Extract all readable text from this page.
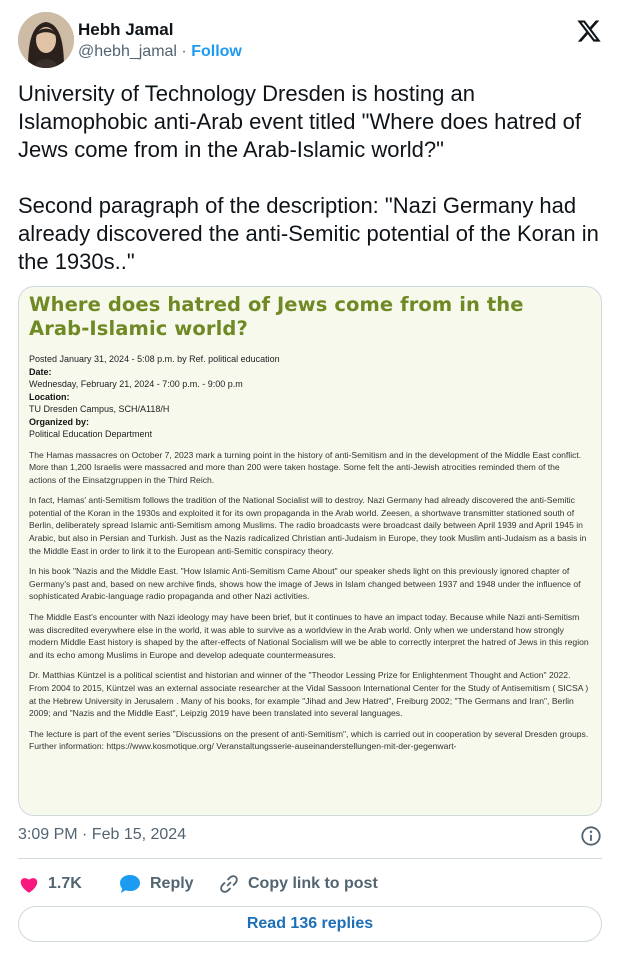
Hebh Jamal
@hebh_jamal · Follow

University of Technology Dresden is hosting an Islamophobic anti-Arab event titled "Where does hatred of Jews come from in the Arab-Islamic world?"

Second paragraph of the description: "Nazi Germany had already discovered the anti-Semitic potential of the Koran in the 1930s.."

Where does hatred of Jews come from in the Arab-Islamic world?
Posted January 31, 2024 - 5:08 p.m. by Ref. political education
Date:
Wednesday, February 21, 2024 - 7:00 p.m. - 9:00 p.m
Location:
TU Dresden Campus, SCH/A118/H
Organized by:
Political Education Department
The Hamas massacres on October 7, 2023 mark a turning point in the history of anti-Semitism and in the development of the Middle East conflict. More than 1,200 Israelis were massacred and more than 200 were taken hostage. Some felt the anti-Jewish atrocities reminded them of the actions of the Einsatzgruppen in the Third Reich.
In fact, Hamas' anti-Semitism follows the tradition of the National Socialist will to destroy. Nazi Germany had already discovered the anti-Semitic potential of the Koran in the 1930s and exploited it for its own propaganda in the Arab world. Zeesen, a shortwave transmitter stationed south of Berlin, deliberately spread Islamic anti-Semitism among Muslims. The radio broadcasts were broadcast daily between April 1939 and April 1945 in Arabic, but also in Persian and Turkish. Just as the Nazis radicalized Christian anti-Judaism in Europe, they took Muslim anti-Judaism as a basis in the Middle East in order to link it to the European anti-Semitic conspiracy theory.
In his book "Nazis and the Middle East. "How Islamic Anti-Semitism Came About" our speaker sheds light on this previously ignored chapter of Germany's past and, based on new archive finds, shows how the image of Jews in Islam changed between 1937 and 1948 under the influence of sophisticated Arabic-language radio propaganda and other Nazi activities.
The Middle East's encounter with Nazi ideology may have been brief, but it continues to have an impact today. Because while Nazi anti-Semitism was discredited everywhere else in the world, it was able to survive as a worldview in the Arab world. Only when we understand how strongly modern Middle East history is shaped by the after-effects of National Socialism will we be able to correctly interpret the hatred of Jews in this region and its echo among Muslims in Europe and develop adequate countermeasures.
Dr. Matthias Küntzel is a political scientist and historian and winner of the "Theodor Lessing Prize for Enlightenment Thought and Action" 2022. From 2004 to 2015, Küntzel was an external associate researcher at the Vidal Sassoon International Center for the Study of Antisemitism ( SICSA ) at the Hebrew University in Jerusalem . Many of his books, for example "Jihad and Jew Hatred", Freiburg 2002; "The Germans and Iran", Berlin 2009; and "Nazis and the Middle East", Leipzig 2019 have been translated into several languages.
The lecture is part of the event series "Discussions on the present of anti-Semitism", which is carried out in cooperation by several Dresden groups. Further information: https://www.kosmotique.org/ Veranstaltungsserie-auseinanderstellungen-mit-der-gegenwart-
3:09 PM · Feb 15, 2024
1.7K	Reply	Copy link to post
Read 136 replies
